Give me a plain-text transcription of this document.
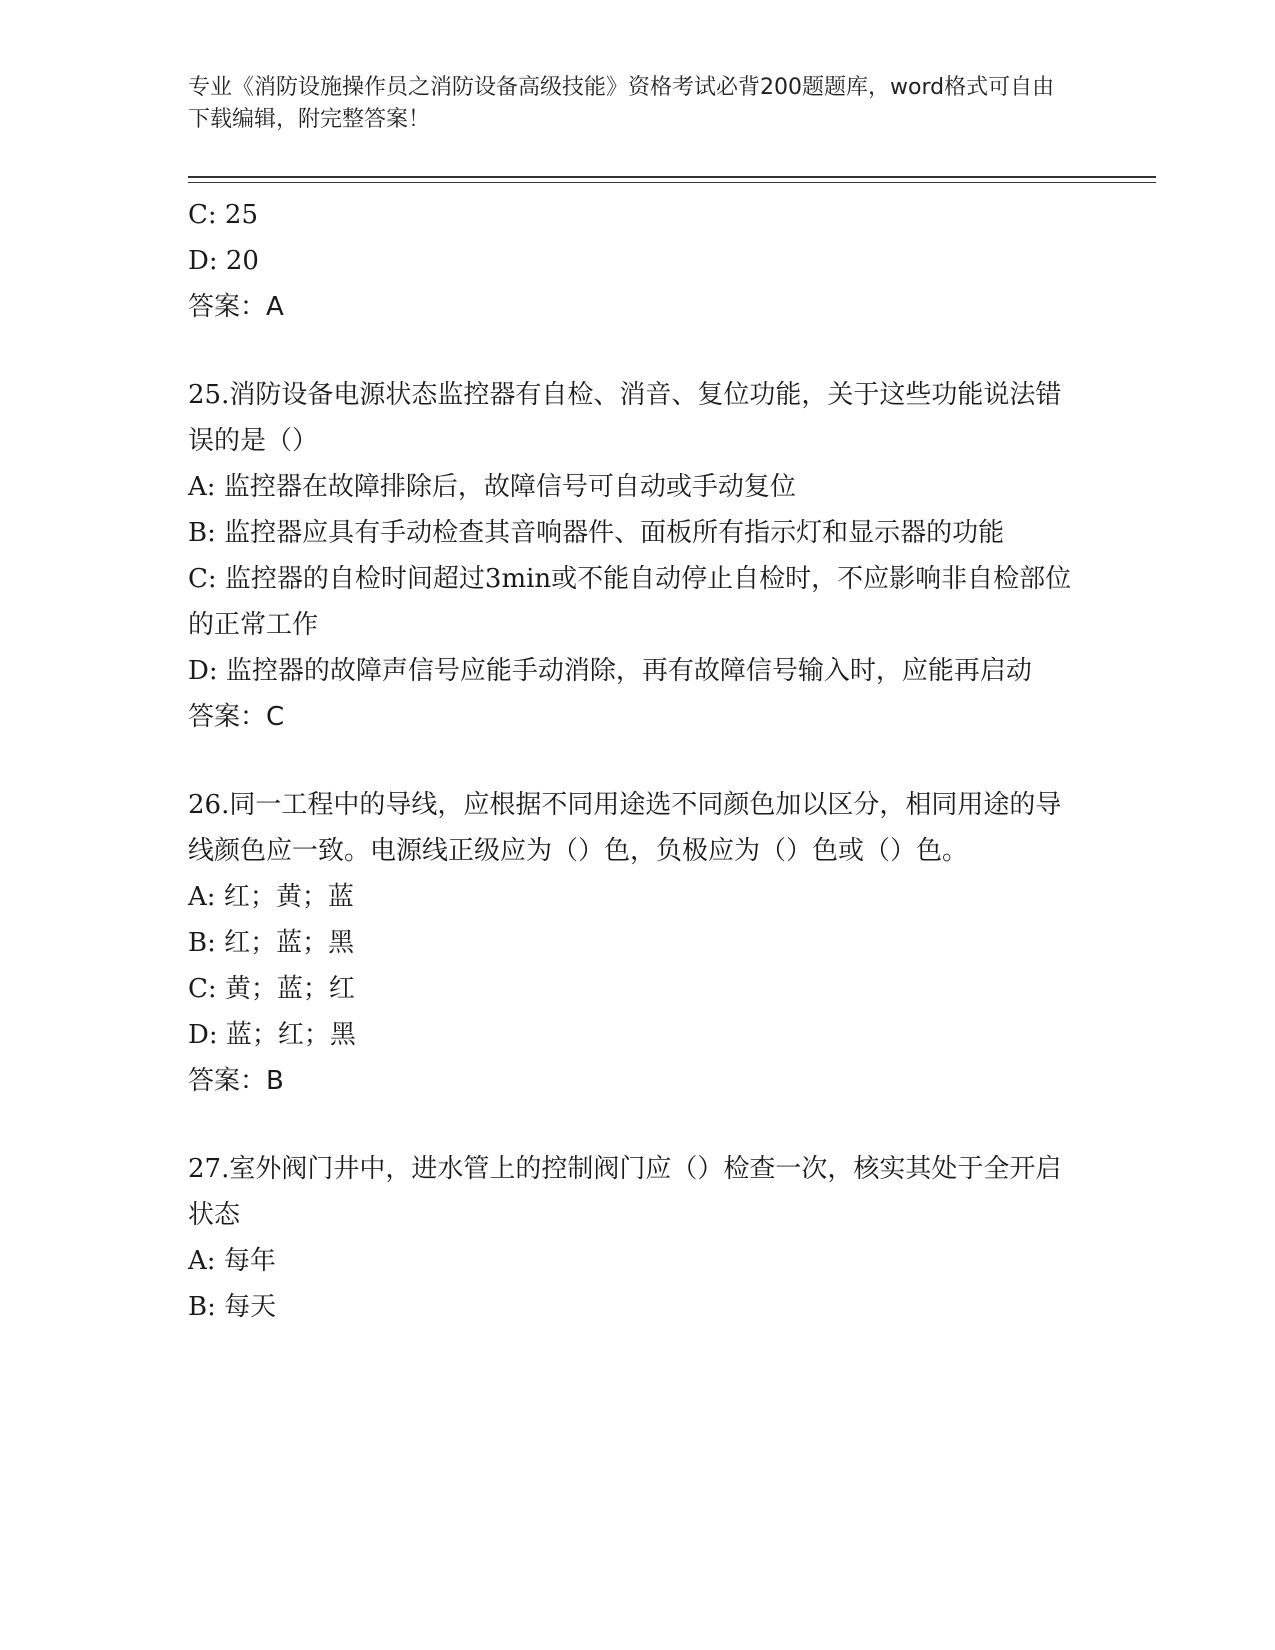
专业《消防设施操作员之消防设备高级技能》资格考试必背200题题库，word格式可自由下载编辑，附完整答案！

C: 25

D: 20

答案：A

25.消防设备电源状态监控器有自检、消音、复位功能，关于这些功能说法错误的是（）

A: 监控器在故障排除后，故障信号可自动或手动复位

B: 监控器应具有手动检查其音响器件、面板所有指示灯和显示器的功能

C: 监控器的自检时间超过3min或不能自动停止自检时，不应影响非自检部位的正常工作

D: 监控器的故障声信号应能手动消除，再有故障信号输入时，应能再启动

答案：C

26.同一工程中的导线，应根据不同用途选不同颜色加以区分，相同用途的导线颜色应一致。电源线正级应为（）色，负极应为（）色或（）色。

A: 红；黄；蓝

B: 红；蓝；黑

C: 黄；蓝；红

D: 蓝；红；黑

答案：B

27.室外阀门井中，进水管上的控制阀门应（）检查一次，核实其处于全开启状态

A: 每年

B: 每天
